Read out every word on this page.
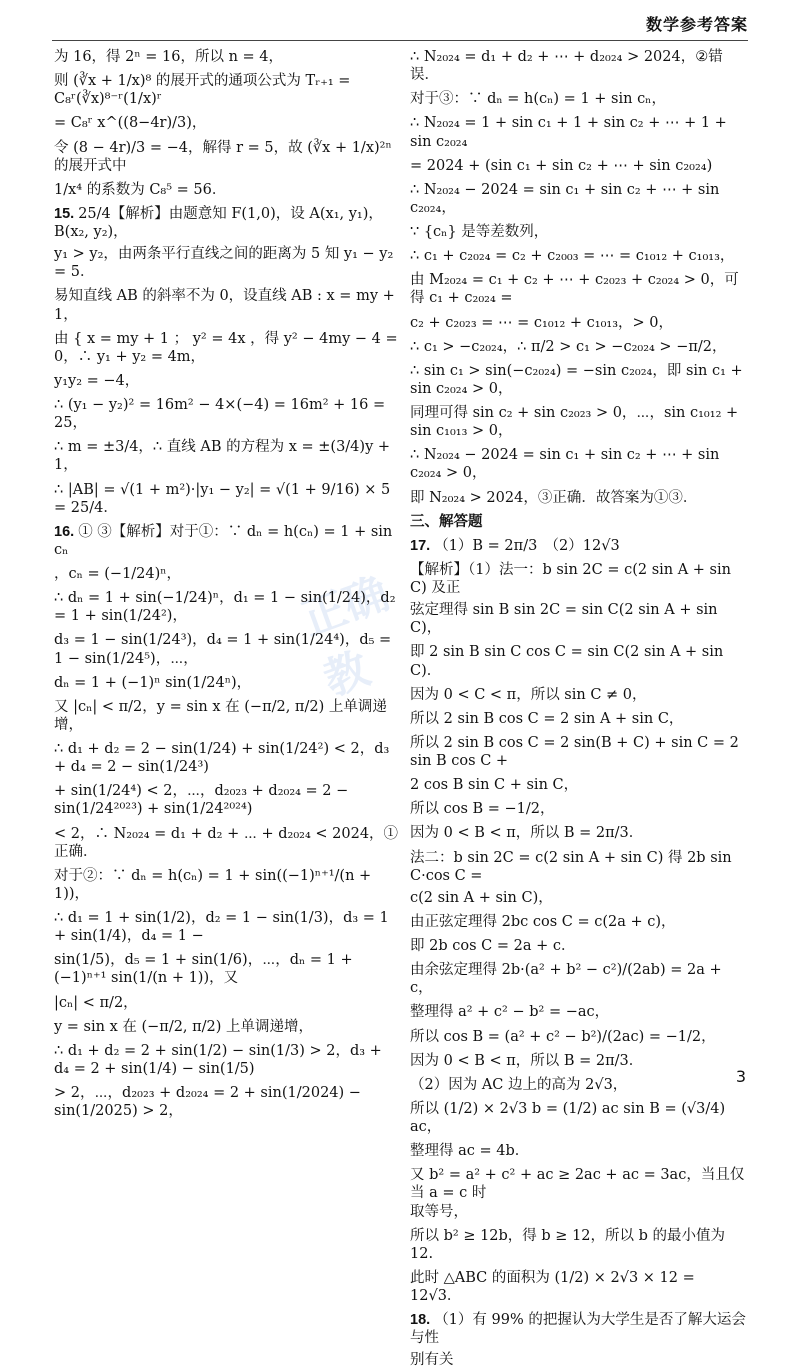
数学参考答案
正确教
为 16，得 2ⁿ = 16，所以 n = 4，
则 (∛x + 1/x)⁸ 的展开式的通项公式为 Tᵣ₊₁ = C₈ʳ(∛x)⁸⁻ʳ(1/x)ʳ
= C₈ʳ x^((8−4r)/3)，
令 (8 − 4r)/3 = −4，解得 r = 5，故 (∛x + 1/x)²ⁿ 的展开式中
1/x⁴ 的系数为 C₈⁵ = 56．
15. 25/4【解析】由题意知 F(1,0)，设 A(x₁, y₁)，B(x₂, y₂)，
y₁ > y₂，由两条平行直线之间的距离为 5 知 y₁ − y₂ = 5．
易知直线 AB 的斜率不为 0，设直线 AB : x = my + 1，
由 { x = my + 1 ； y² = 4x ，得 y² − 4my − 4 = 0，∴ y₁ + y₂ = 4m，
y₁y₂ = −4，
∴ (y₁ − y₂)² = 16m² − 4×(−4) = 16m² + 16 = 25，
∴ m = ±3/4，∴ 直线 AB 的方程为 x = ±(3/4)y + 1，
∴ |AB| = √(1 + m²)·|y₁ − y₂| = √(1 + 9/16) × 5 = 25/4．
16. ① ③【解析】对于①：∵ dₙ = h(cₙ) = 1 + sin cₙ
，cₙ = (−1/24)ⁿ，
∴ dₙ = 1 + sin(−1/24)ⁿ，d₁ = 1 − sin(1/24)，d₂ = 1 + sin(1/24²)，
d₃ = 1 − sin(1/24³)，d₄ = 1 + sin(1/24⁴)，d₅ = 1 − sin(1/24⁵)，⋯，
dₙ = 1 + (−1)ⁿ sin(1/24ⁿ)，
又 |cₙ| < π/2，y = sin x 在 (−π/2, π/2) 上单调递增，
∴ d₁ + d₂ = 2 − sin(1/24) + sin(1/24²) < 2，d₃ + d₄ = 2 − sin(1/24³)
+ sin(1/24⁴) < 2，⋯，d₂₀₂₃ + d₂₀₂₄ = 2 − sin(1/24²⁰²³) + sin(1/24²⁰²⁴)
< 2，∴ N₂₀₂₄ = d₁ + d₂ + ⋯ + d₂₀₂₄ < 2024，①正确．
对于②：∵ dₙ = h(cₙ) = 1 + sin((−1)ⁿ⁺¹/(n + 1))，
∴ d₁ = 1 + sin(1/2)，d₂ = 1 − sin(1/3)，d₃ = 1 + sin(1/4)，d₄ = 1 −
sin(1/5)，d₅ = 1 + sin(1/6)，⋯，dₙ = 1 + (−1)ⁿ⁺¹ sin(1/(n + 1))，又
|cₙ| < π/2，
y = sin x 在 (−π/2, π/2) 上单调递增，
∴ d₁ + d₂ = 2 + sin(1/2) − sin(1/3) > 2，d₃ + d₄ = 2 + sin(1/4) − sin(1/5)
> 2，⋯，d₂₀₂₃ + d₂₀₂₄ = 2 + sin(1/2024) − sin(1/2025) > 2，
∴ N₂₀₂₄ = d₁ + d₂ + ⋯ + d₂₀₂₄ > 2024，②错误．
对于③：∵ dₙ = h(cₙ) = 1 + sin cₙ，
∴ N₂₀₂₄ = 1 + sin c₁ + 1 + sin c₂ + ⋯ + 1 + sin c₂₀₂₄
= 2024 + (sin c₁ + sin c₂ + ⋯ + sin c₂₀₂₄)
∴ N₂₀₂₄ − 2024 = sin c₁ + sin c₂ + ⋯ + sin c₂₀₂₄，
∵ {cₙ} 是等差数列，
∴ c₁ + c₂₀₂₄ = c₂ + c₂₀₀₃ = ⋯ = c₁₀₁₂ + c₁₀₁₃，
由 M₂₀₂₄ = c₁ + c₂ + ⋯ + c₂₀₂₃ + c₂₀₂₄ > 0，可得 c₁ + c₂₀₂₄ =
c₂ + c₂₀₂₃ = ⋯ = c₁₀₁₂ + c₁₀₁₃，> 0，
∴ c₁ > −c₂₀₂₄，∴ π/2 > c₁ > −c₂₀₂₄ > −π/2，
∴ sin c₁ > sin(−c₂₀₂₄) = −sin c₂₀₂₄，即 sin c₁ + sin c₂₀₂₄ > 0，
同理可得 sin c₂ + sin c₂₀₂₃ > 0，⋯，sin c₁₀₁₂ + sin c₁₀₁₃ > 0，
∴ N₂₀₂₄ − 2024 = sin c₁ + sin c₂ + ⋯ + sin c₂₀₂₄ > 0，
即 N₂₀₂₄ > 2024，③正确．故答案为①③．
三、解答题
17. （1）B = 2π/3　（2）12√3
【解析】（1）法一：b sin 2C = c(2 sin A + sin C) 及正
弦定理得 sin B sin 2C = sin C(2 sin A + sin C)，
即 2 sin B sin C cos C = sin C(2 sin A + sin C)．
因为 0 < C < π，所以 sin C ≠ 0，
所以 2 sin B cos C = 2 sin A + sin C，
所以 2 sin B cos C = 2 sin(B + C) + sin C = 2 sin B cos C +
2 cos B sin C + sin C，
所以 cos B = −1/2，
因为 0 < B < π，所以 B = 2π/3．
法二：b sin 2C = c(2 sin A + sin C) 得 2b sin C·cos C =
c(2 sin A + sin C)，
由正弦定理得 2bc cos C = c(2a + c)，
即 2b cos C = 2a + c．
由余弦定理得 2b·(a² + b² − c²)/(2ab) = 2a + c，
整理得 a² + c² − b² = −ac，
所以 cos B = (a² + c² − b²)/(2ac) = −1/2，
因为 0 < B < π，所以 B = 2π/3．
（2）因为 AC 边上的高为 2√3，
所以 (1/2) × 2√3 b = (1/2) ac sin B = (√3/4) ac，
整理得 ac = 4b．
又 b² = a² + c² + ac ≥ 2ac + ac = 3ac，当且仅当 a = c 时
取等号，
所以 b² ≥ 12b，得 b ≥ 12，所以 b 的最小值为 12.
此时 △ABC 的面积为 (1/2) × 2√3 × 12 = 12√3．
18. （1）有 99% 的把握认为大学生是否了解大运会与性
别有关
3
